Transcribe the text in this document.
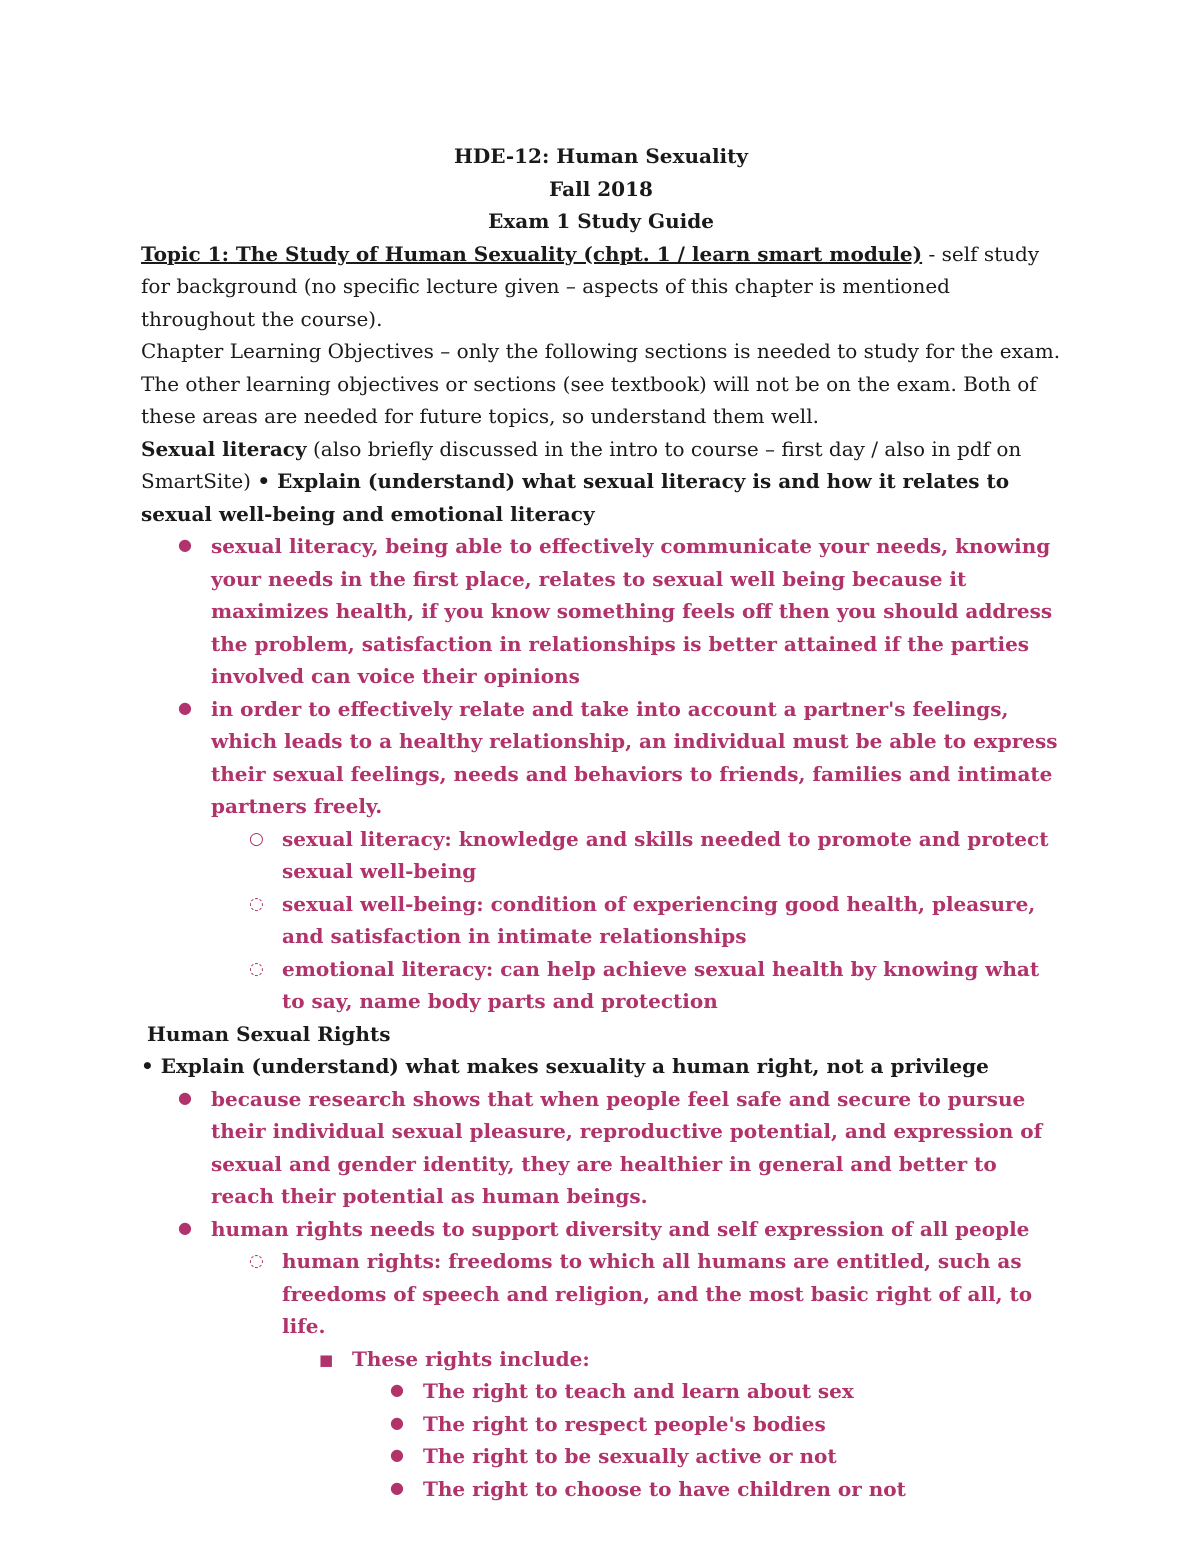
HDE-12: Human Sexuality
Fall 2018
Exam 1 Study Guide

Topic 1: The Study of Human Sexuality (chpt. 1 / learn smart module) - self study for background (no specific lecture given – aspects of this chapter is mentioned throughout the course).

Chapter Learning Objectives – only the following sections is needed to study for the exam. The other learning objectives or sections (see textbook) will not be on the exam. Both of these areas are needed for future topics, so understand them well.

Sexual literacy (also briefly discussed in the intro to course – first day / also in pdf on SmartSite) • Explain (understand) what sexual literacy is and how it relates to sexual well-being and emotional literacy

● sexual literacy, being able to effectively communicate your needs, knowing your needs in the first place, relates to sexual well being because it maximizes health, if you know something feels off then you should address the problem, satisfaction in relationships is better attained if the parties involved can voice their opinions
● in order to effectively relate and take into account a partner's feelings, which leads to a healthy relationship, an individual must be able to express their sexual feelings, needs and behaviors to friends, families and intimate partners freely.
○ sexual literacy: knowledge and skills needed to promote and protect sexual well-being
◌ sexual well-being: condition of experiencing good health, pleasure, and satisfaction in intimate relationships
◌ emotional literacy: can help achieve sexual health by knowing what to say, name body parts and protection
Human Sexual Rights
• Explain (understand) what makes sexuality a human right, not a privilege
● because research shows that when people feel safe and secure to pursue their individual sexual pleasure, reproductive potential, and expression of sexual and gender identity, they are healthier in general and better to reach their potential as human beings.
● human rights needs to support diversity and self expression of all people
◌ human rights: freedoms to which all humans are entitled, such as freedoms of speech and religion, and the most basic right of all, to life.
■ These rights include:
● The right to teach and learn about sex
● The right to respect people's bodies
● The right to be sexually active or not
● The right to choose to have children or not
